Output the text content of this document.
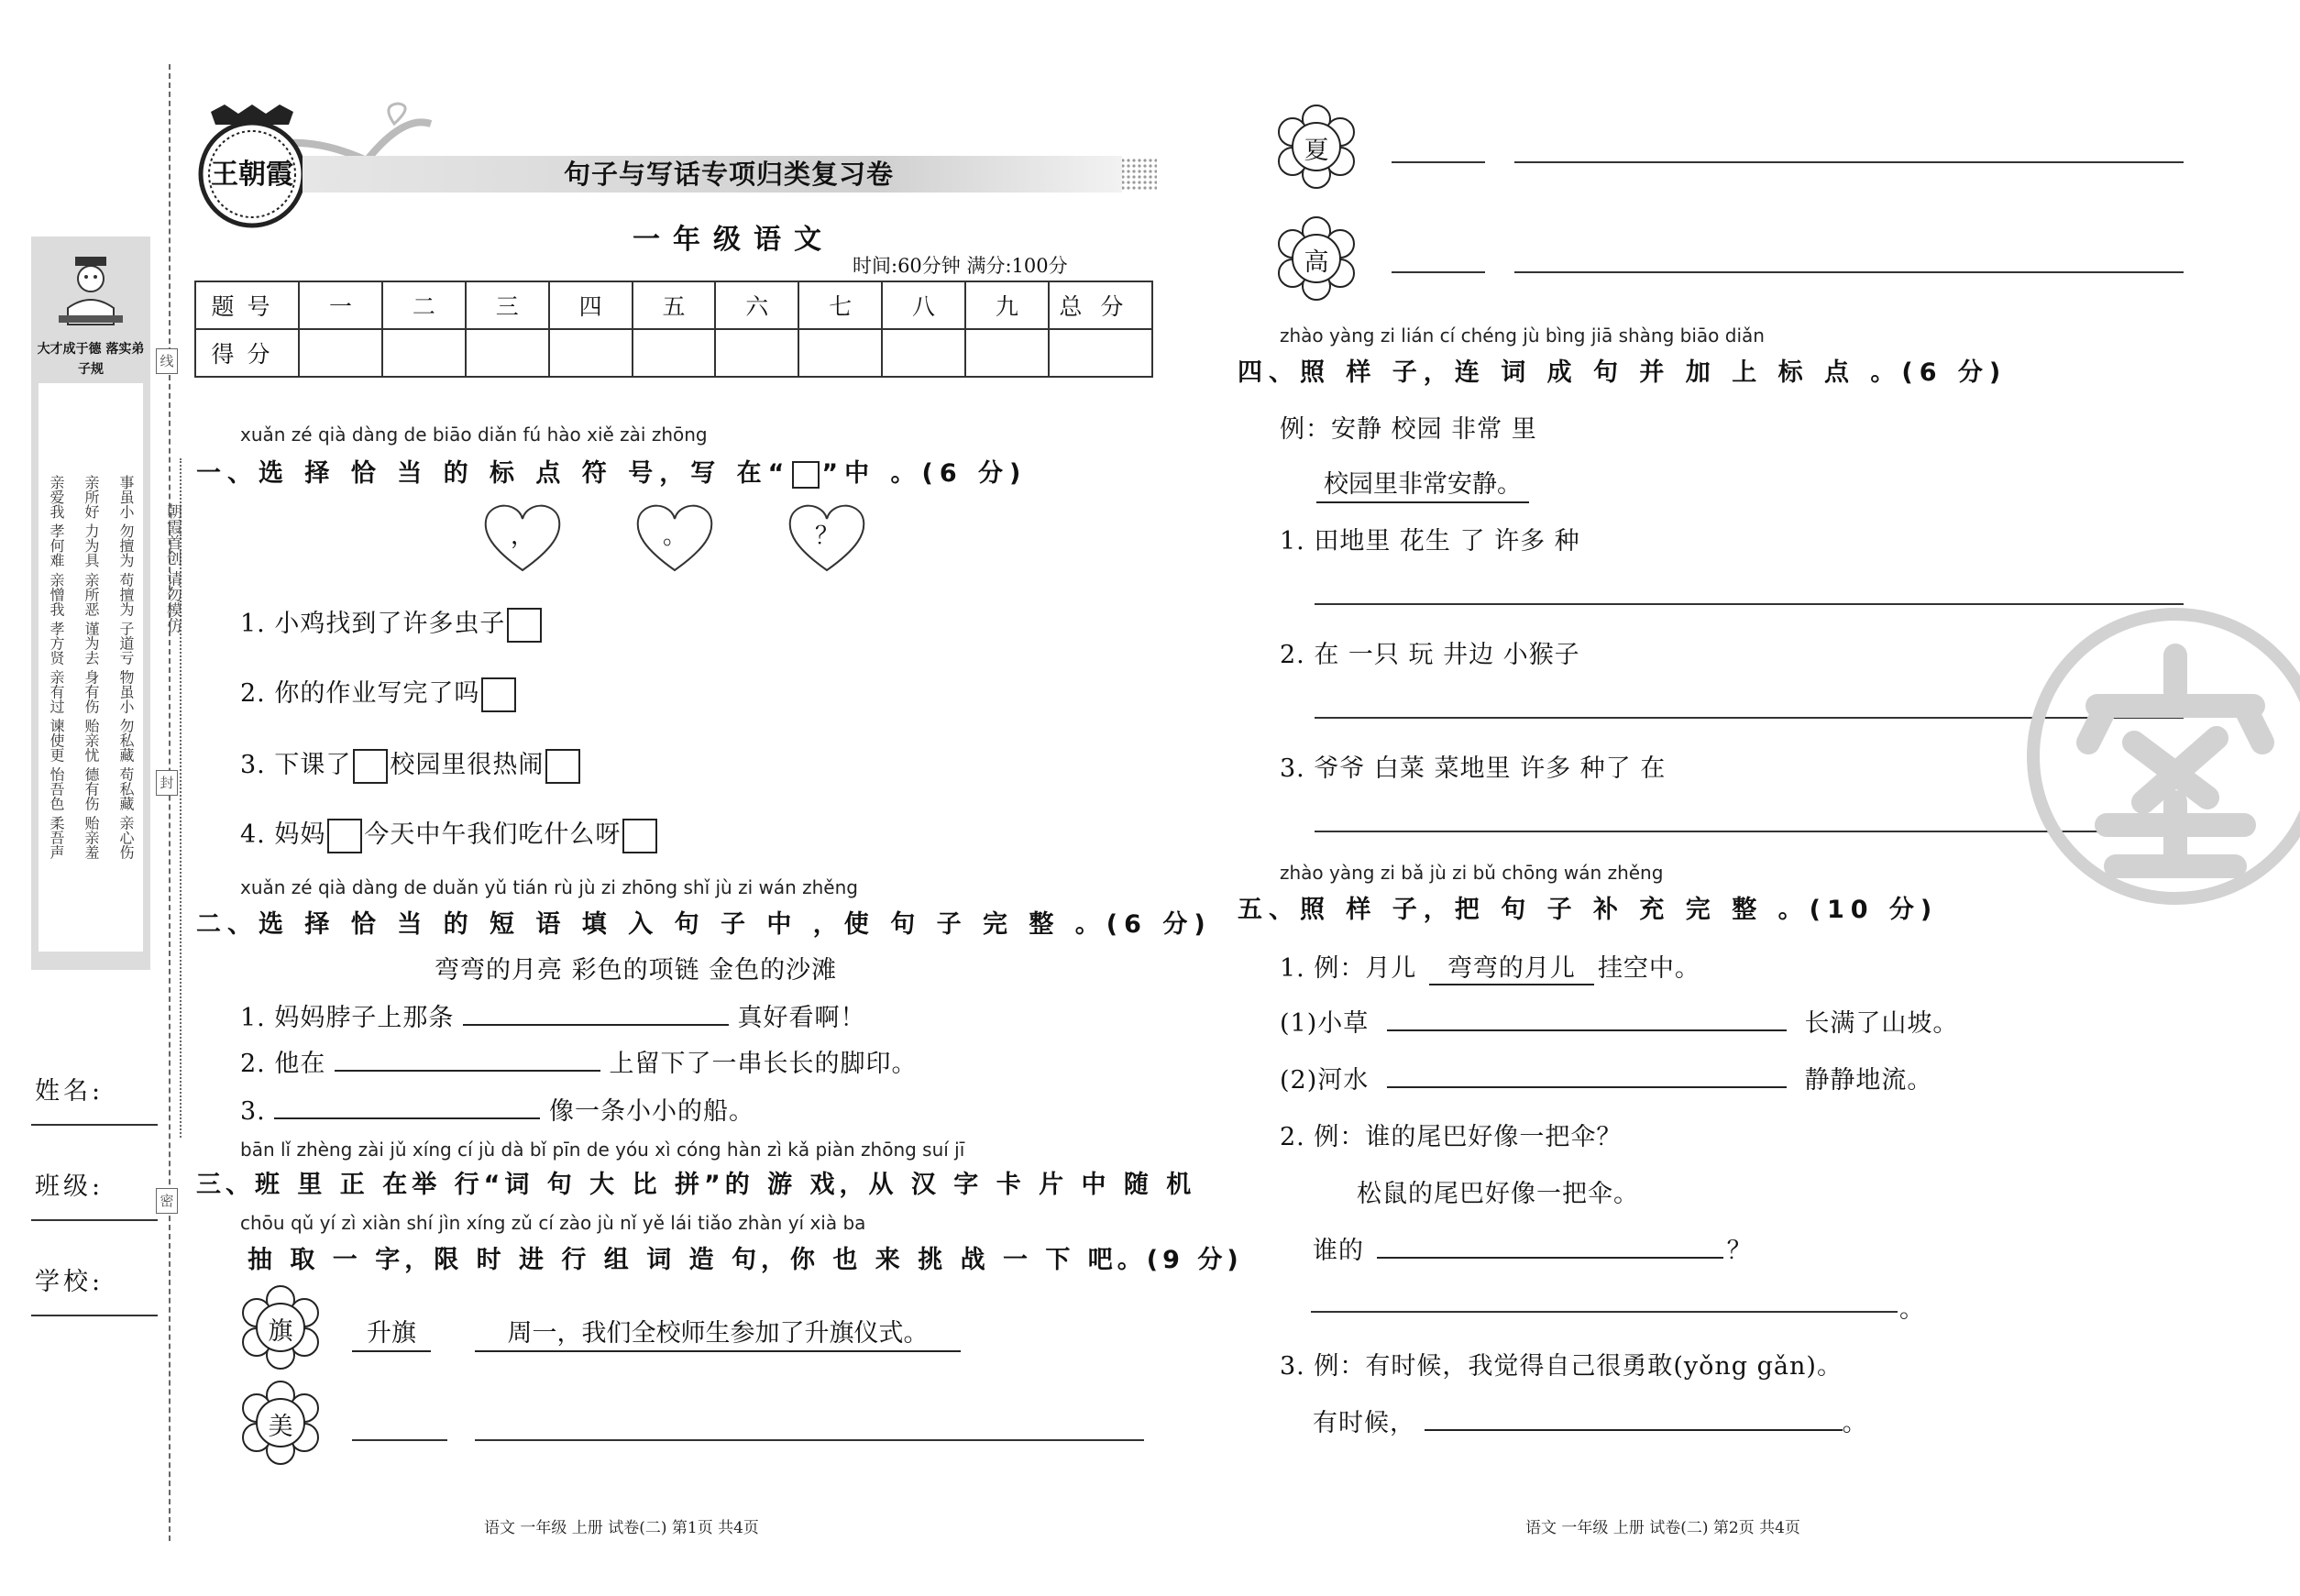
线
朝霞首创 请勿模仿
封
密
大才成于德 落实弟子规
亲爱我 孝何难 亲憎我 孝方贤 亲有过 谏使更 怡吾色 柔吾声 亲所好 力为具 亲所恶 谨为去 身有伤 贻亲忧 德有伤 贻亲羞 事虽小 勿擅为 苟擅为 子道亏 物虽小 勿私藏 苟私藏 亲心伤
姓名:
班级:
学校:
王朝霞	句子与写话专项归类复习卷
一年级语文
时间:60分钟 满分:100分
题号	一	二	三	四	五	六	七	八	九	总分
得分										
xuǎn zé qià dàng de biāo diǎn fú hào xiě zài zhōng
一、选 择 恰 当 的 标 点 符 号，写 在“ ”中 。(6 分)
，	。	？
1. 小鸡找到了许多虫子
2. 你的作业写完了吗
3. 下课了 校园里很热闹
4. 妈妈 今天中午我们吃什么呀
xuǎn zé qià dàng de duǎn yǔ tián rù jù zi zhōng shǐ jù zi wán zhěng
二、选 择 恰 当 的 短 语 填 入 句 子 中 ，使 句 子 完 整 。(6 分)
弯弯的月亮 彩色的项链 金色的沙滩
1. 妈妈脖子上那条	真好看啊！
2. 他在	上留下了一串长长的脚印。
3.	像一条小小的船。
bān lǐ zhèng zài jǔ xíng cí jù dà bǐ pīn de yóu xì cóng hàn zì kǎ piàn zhōng suí jī
三、班 里 正 在举 行“词 句 大 比 拼”的 游 戏，从 汉 字 卡 片 中 随 机
chōu qǔ yí zì xiàn shí jìn xíng zǔ cí zào jù nǐ yě lái tiǎo zhàn yí xià ba
抽 取 一 字，限 时 进 行 组 词 造 句，你 也 来 挑 战 一 下 吧。(9 分)
旗	升旗	周一，我们全校师生参加了升旗仪式。
美
夏
高
zhào yàng zi lián cí chéng jù bìng jiā shàng biāo diǎn
四、照 样 子，连 词 成 句 并 加 上 标 点 。(6 分)
例：安静 校园 非常 里
校园里非常安静。
1. 田地里 花生 了 许多 种
2. 在 一只 玩 井边 小猴子
3. 爷爷 白菜 菜地里 许多 种了 在
zhào yàng zi bǎ jù zi bǔ chōng wán zhěng
五、照 样 子，把 句 子 补 充 完 整 。(10 分)
1. 例：月儿 弯弯的月儿 挂空中。
(1)小草	长满了山坡。
(2)河水	静静地流。
2. 例：谁的尾巴好像一把伞？
松鼠的尾巴好像一把伞。
谁的	？
。
3. 例：有时候，我觉得自己很勇敢(yǒng gǎn)。
有时候，	。
语文 一年级 上册 试卷(二) 第1页 共4页	语文 一年级 上册 试卷(二) 第2页 共4页
